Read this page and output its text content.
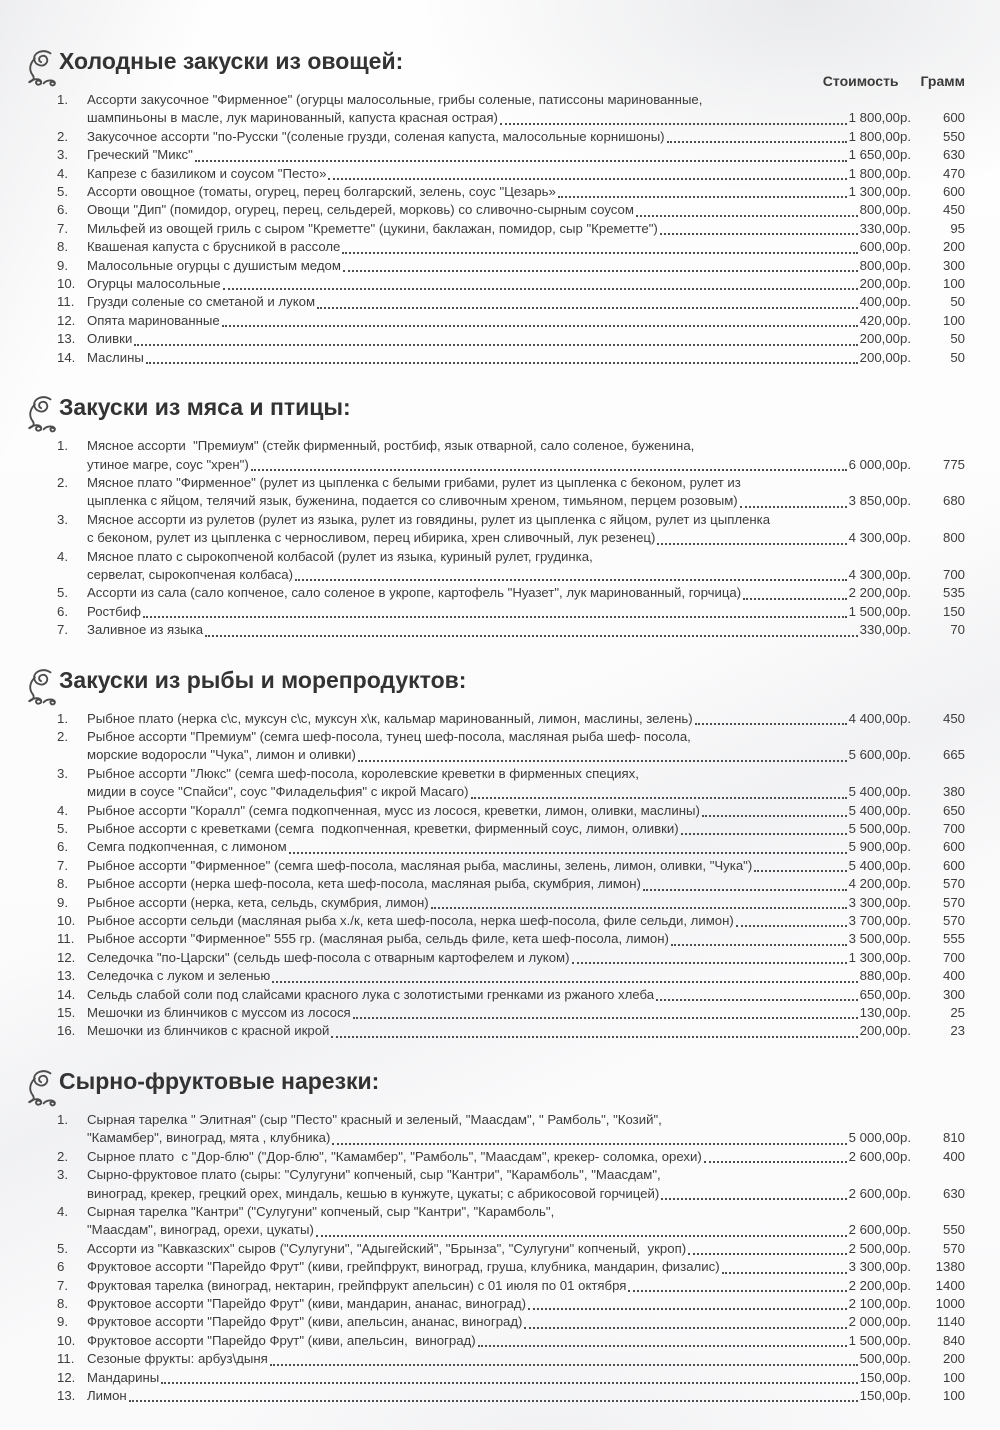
Стоимость Грамм

Холодные закуски из овощей:
1.	Ассорти закусочное "Фирменное" (огурцы малосольные, грибы соленые, патиссоны маринованные,
шампиньоны в масле, лук маринованный, капуста красная острая)	1 800,00р.	600
2.	Закусочное ассорти "по-Русски "(соленые грузди, соленая капуста, малосольные корнишоны)	1 800,00р.	550
3.	Греческий "Микс"	1 650,00р.	630
4.	Капрезе с базиликом и соусом "Песто»	1 800,00р.	470
5.	Ассорти овощное (томаты, огурец, перец болгарский, зелень, соус "Цезарь»	1 300,00р.	600
6.	Овощи "Дип" (помидор, огурец, перец, сельдерей, морковь) со сливочно-сырным соусом	800,00р.	450
7.	Мильфей из овощей гриль с сыром "Креметте" (цукини, баклажан, помидор, сыр "Креметте")	330,00р.	95
8.	Квашеная капуста с брусникой в рассоле	600,00р.	200
9.	Малосольные огурцы с душистым медом	800,00р.	300
10. Огурцы малосольные	200,00р.	100
11. Грузди соленые со сметаной и луком	400,00р.	50
12. Опята маринованные	420,00р.	100
13. Оливки	200,00р.	50
14. Маслины	200,00р.	50
Закуски из мяса и птицы:
1.	Мясное ассорти  "Премиум" (стейк фирменный, ростбиф, язык отварной, сало соленое, буженина,
утиное магре, соус "хрен")	6 000,00р.	775
2.	Мясное плато "Фирменное" (рулет из цыпленка с белыми грибами, рулет из цыпленка с беконом, рулет из
цыпленка с яйцом, телячий язык, буженина, подается со сливочным хреном, тимьяном, перцем розовым)	3 850,00р.	680
3.	Мясное ассорти из рулетов (рулет из языка, рулет из говядины, рулет из цыпленка с яйцом, рулет из цыпленка
с беконом, рулет из цыпленка с черносливом, перец ибирика, хрен сливочный, лук резенец)	4 300,00р.	800
4.	Мясное плато с сырокопченой колбасой (рулет из языка, куриный рулет, грудинка,
сервелат, сырокопченая колбаса)	4 300,00р.	700
5.	Ассорти из сала (сало копченое, сало соленое в укропе, картофель "Нуазет", лук маринованный, горчица)	2 200,00р.	535
6.	Ростбиф	1 500,00р.	150
7.	Заливное из языка	330,00р.	70
Закуски из рыбы и морепродуктов:
1.	Рыбное плато (нерка с\с, муксун с\с, муксун х\к, кальмар маринованный, лимон, маслины, зелень)	4 400,00р.	450
2.	Рыбное ассорти "Премиум" (семга шеф-посола, тунец шеф-посола, масляная рыба шеф- посола,
морские водоросли "Чука", лимон и оливки)	5 600,00р.	665
3.	Рыбное ассорти "Люкс" (семга шеф-посола, королевские креветки в фирменных специях,
мидии в соусе "Спайси", соус "Филадельфия" с икрой Масаго)	5 400,00р.	380
4.	Рыбное ассорти "Коралл" (семга подкопченная, мусс из лосося, креветки, лимон, оливки, маслины)	5 400,00р.	650
5.	Рыбное ассорти с креветками (семга  подкопченная, креветки, фирменный соус, лимон, оливки)	5 500,00р.	700
6.	Семга подкопченная, с лимоном	5 900,00р.	600
7.	Рыбное ассорти "Фирменное" (семга шеф-посола, масляная рыба, маслины, зелень, лимон, оливки, "Чука")	5 400,00р.	600
8.	Рыбное ассорти (нерка шеф-посола, кета шеф-посола, масляная рыба, скумбрия, лимон)	4 200,00р.	570
9.	Рыбное ассорти (нерка, кета, сельдь, скумбрия, лимон)	3 300,00р.	570
10. Рыбное ассорти сельди (масляная рыба х./к, кета шеф-посола, нерка шеф-посола, филе сельди, лимон)	3 700,00р.	570
11. Рыбное ассорти "Фирменное" 555 гр. (масляная рыба, сельдь филе, кета шеф-посола, лимон)	3 500,00р.	555
12. Селедочка "по-Царски" (сельдь шеф-посола с отварным картофелем и луком)	1 300,00р.	700
13. Селедочка с луком и зеленью	880,00р.	400
14. Сельдь слабой соли под слайсами красного лука с золотистыми гренками из ржаного хлеба	650,00р.	300
15. Мешочки из блинчиков с муссом из лосося	130,00р.	25
16. Мешочки из блинчиков с красной икрой	200,00р.	23
Сырно-фруктовые нарезки:
1.	Сырная тарелка " Элитная" (сыр "Песто" красный и зеленый, "Маасдам", " Рамболь", "Козий",
"Камамбер", виноград, мята , клубника)	5 000,00р.	810
2.	Сырное плато  с "Дор-блю" ("Дор-блю", "Камамбер", "Рамболь", "Маасдам", крекер- соломка, орехи)	2 600,00р.	400
3.	Сырно-фруктовое плато (сыры: "Сулугуни" копченый, сыр "Кантри", "Карамболь", "Маасдам",
виноград, крекер, грецкий орех, миндаль, кешью в кунжуте, цукаты; с абрикосовой горчицей)	2 600,00р.	630
4.	Сырная тарелка "Кантри" ("Сулугуни" копченый, сыр "Кантри", "Карамболь",
"Маасдам", виноград, орехи, цукаты)	2 600,00р.	550
5.	Ассорти из "Кавказских" сыров ("Сулугуни", "Адыгейский", "Брынза", "Сулугуни" копченый,  укроп)	2 500,00р.	570
6	Фруктовое ассорти "Парейдо Фрут" (киви, грейпфрукт, виноград, груша, клубника, мандарин, физалис)	3 300,00р.	1380
7.	Фруктовая тарелка (виноград, нектарин, грейпфрукт апельсин) с 01 июля по 01 октября	2 200,00р.	1400
8.	Фруктовое ассорти "Парейдо Фрут" (киви, мандарин, ананас, виноград)	2 100,00р.	1000
9.	Фруктовое ассорти "Парейдо Фрут" (киви, апельсин, ананас, виноград)	2 000,00р.	1140
10. Фруктовое ассорти "Парейдо Фрут" (киви, апельсин,  виноград)	1 500,00р.	840
11. Сезоные фрукты: арбуз\дыня	500,00р.	200
12. Мандарины	150,00р.	100
13. Лимон	150,00р.	100
